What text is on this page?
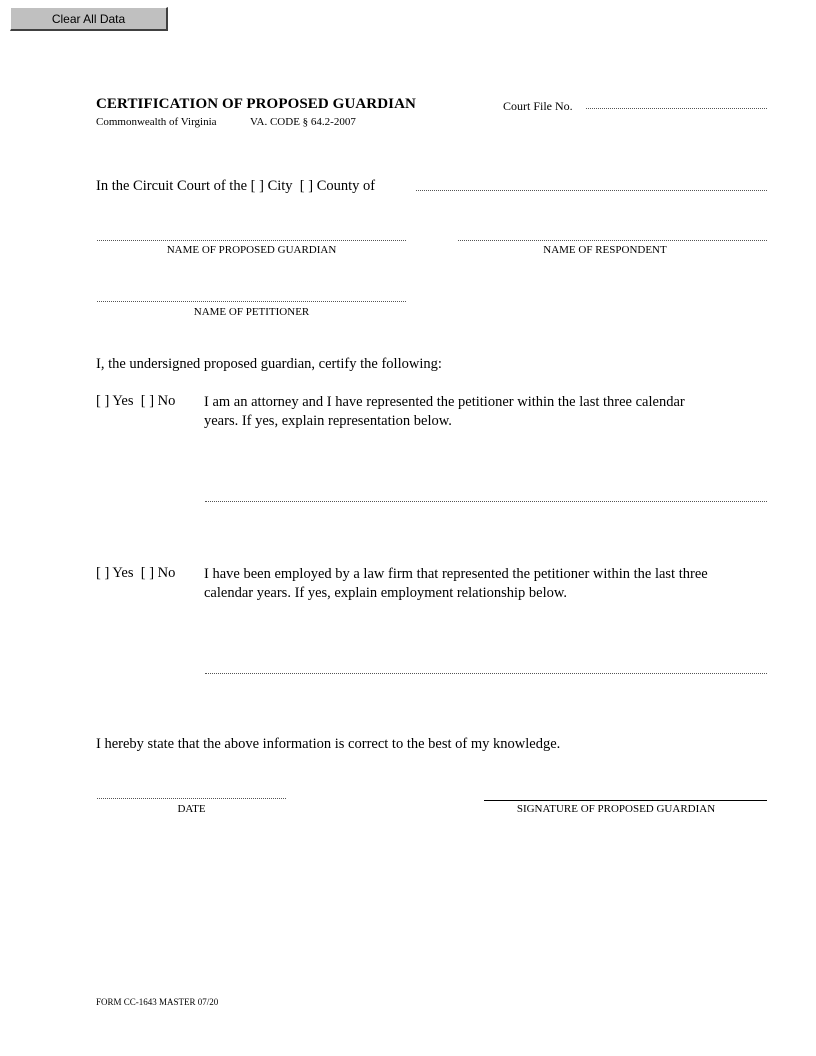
Clear All Data
CERTIFICATION OF PROPOSED GUARDIAN
Commonwealth of Virginia	VA. CODE § 64.2-2007
Court File No.
In the Circuit Court of the [ ] City [ ] County of
NAME OF PROPOSED GUARDIAN	NAME OF RESPONDENT
NAME OF PETITIONER
I, the undersigned proposed guardian, certify the following:
[ ] Yes [ ] No I am an attorney and I have represented the petitioner within the last three calendar
years. If yes, explain representation below.
[ ] Yes [ ] No I have been employed by a law firm that represented the petitioner within the last three
calendar years. If yes, explain employment relationship below.
I hereby state that the above information is correct to the best of my knowledge.
DATE	SIGNATURE OF PROPOSED GUARDIAN
FORM CC-1643 MASTER 07/20
